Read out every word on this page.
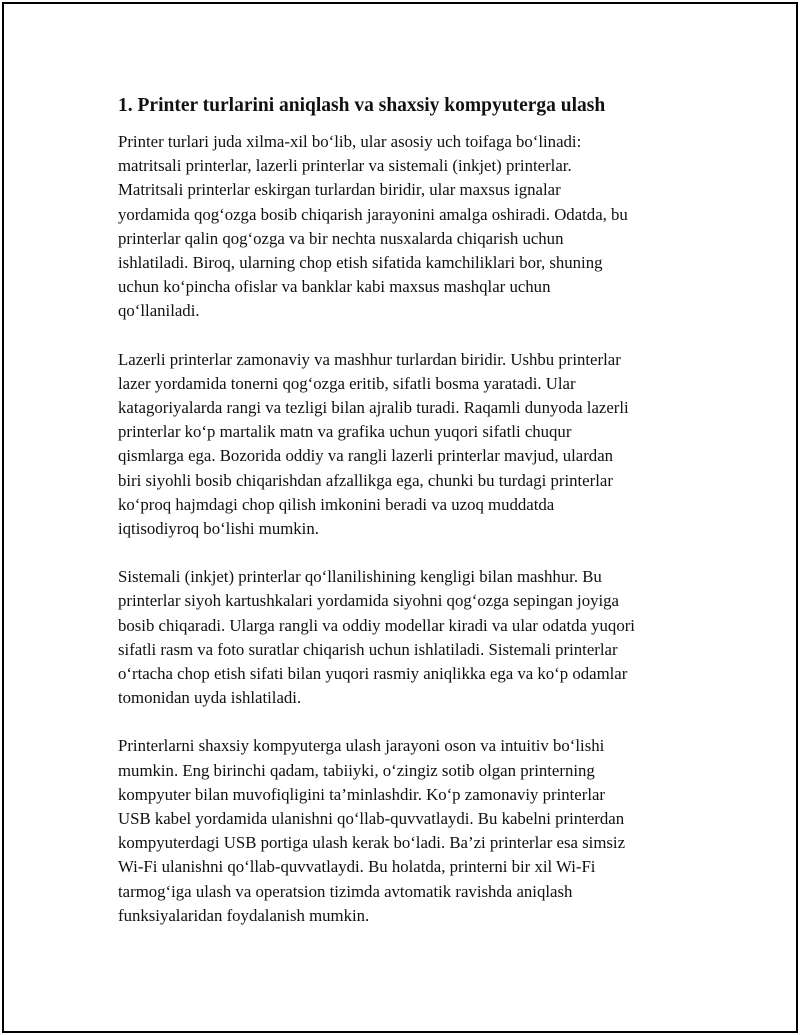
1. Printer turlarini aniqlash va shaxsiy kompyuterga ulash

Printer turlari juda xilma-xil bo‘lib, ular asosiy uch toifaga bo‘linadi:
matritsali printerlar, lazerli printerlar va sistemali (inkjet) printerlar.
Matritsali printerlar eskirgan turlardan biridir, ular maxsus ignalar
yordamida qog‘ozga bosib chiqarish jarayonini amalga oshiradi. Odatda, bu
printerlar qalin qog‘ozga va bir nechta nusxalarda chiqarish uchun
ishlatiladi. Biroq, ularning chop etish sifatida kamchiliklari bor, shuning
uchun ko‘pincha ofislar va banklar kabi maxsus mashqlar uchun
qo‘llaniladi.

Lazerli printerlar zamonaviy va mashhur turlardan biridir. Ushbu printerlar
lazer yordamida tonerni qog‘ozga eritib, sifatli bosma yaratadi. Ular
katagoriyalarda rangi va tezligi bilan ajralib turadi. Raqamli dunyoda lazerli
printerlar ko‘p martalik matn va grafika uchun yuqori sifatli chuqur
qismlarga ega. Bozorida oddiy va rangli lazerli printerlar mavjud, ulardan
biri siyohli bosib chiqarishdan afzallikga ega, chunki bu turdagi printerlar
ko‘proq hajmdagi chop qilish imkonini beradi va uzoq muddatda
iqtisodiyroq bo‘lishi mumkin.

Sistemali (inkjet) printerlar qo‘llanilishining kengligi bilan mashhur. Bu
printerlar siyoh kartushkalari yordamida siyohni qog‘ozga sepingan joyiga
bosib chiqaradi. Ularga rangli va oddiy modellar kiradi va ular odatda yuqori
sifatli rasm va foto suratlar chiqarish uchun ishlatiladi. Sistemali printerlar
o‘rtacha chop etish sifati bilan yuqori rasmiy aniqlikka ega va ko‘p odamlar
tomonidan uyda ishlatiladi.

Printerlarni shaxsiy kompyuterga ulash jarayoni oson va intuitiv bo‘lishi
mumkin. Eng birinchi qadam, tabiiyki, o‘zingiz sotib olgan printerning
kompyuter bilan muvofiqligini ta’minlashdir. Ko‘p zamonaviy printerlar
USB kabel yordamida ulanishni qo‘llab-quvvatlaydi. Bu kabelni printerdan
kompyuterdagi USB portiga ulash kerak bo‘ladi. Ba’zi printerlar esa simsiz
Wi-Fi ulanishni qo‘llab-quvvatlaydi. Bu holatda, printerni bir xil Wi-Fi
tarmog‘iga ulash va operatsion tizimda avtomatik ravishda aniqlash
funksiyalaridan foydalanish mumkin.
